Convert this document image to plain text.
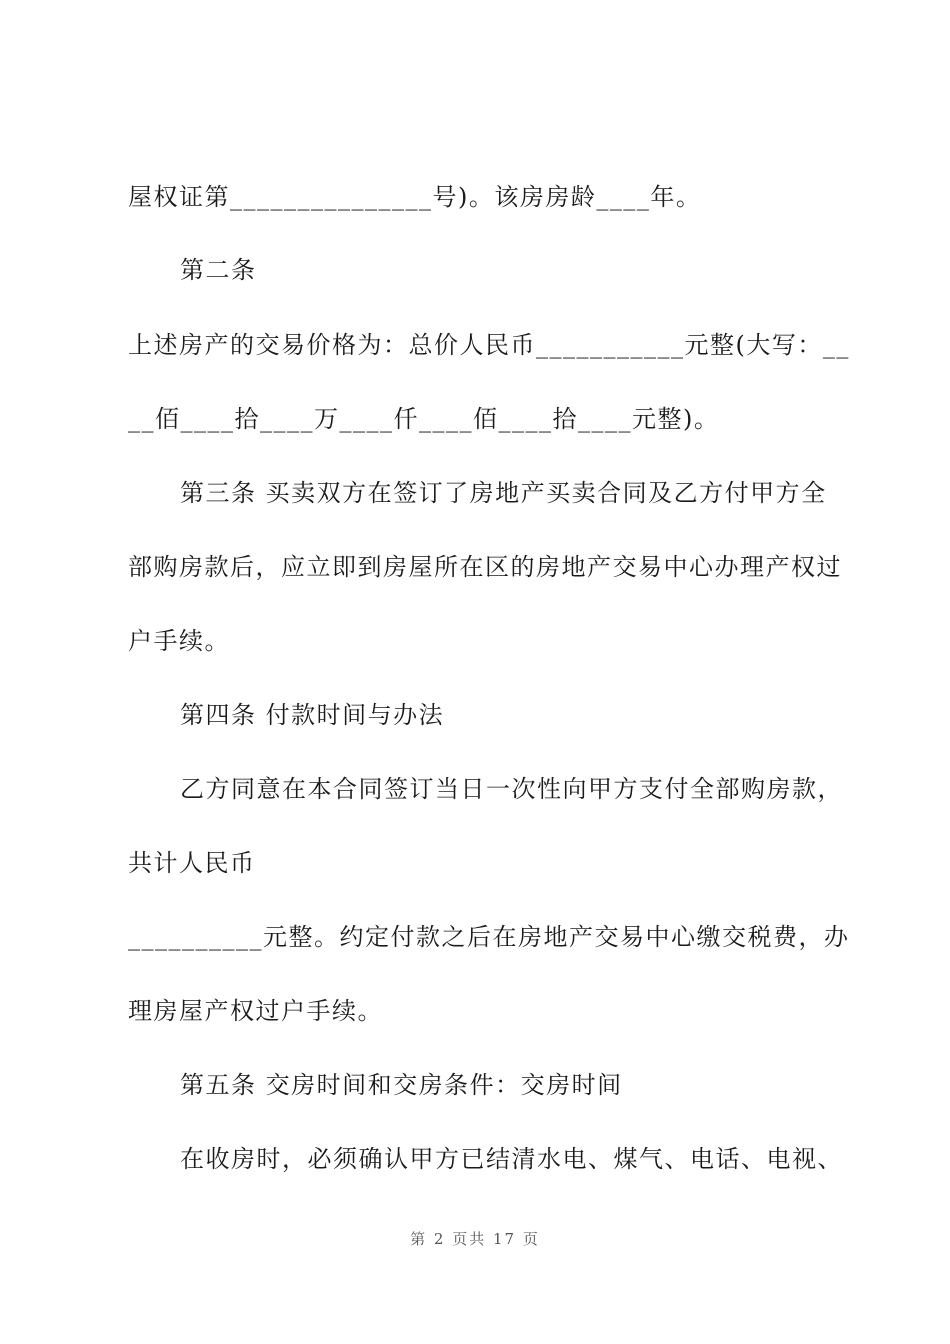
屋权证第_______________号)。该房房龄____年。
第二条
上述房产的交易价格为：总价人民币___________元整(大写：__
__佰____拾____万____仟____佰____拾____元整)。
第三条 买卖双方在签订了房地产买卖合同及乙方付甲方全
部购房款后，应立即到房屋所在区的房地产交易中心办理产权过
户手续。
第四条 付款时间与办法
乙方同意在本合同签订当日一次性向甲方支付全部购房款，
共计人民币
__________元整。约定付款之后在房地产交易中心缴交税费，办
理房屋产权过户手续。
第五条 交房时间和交房条件：交房时间
在收房时，必须确认甲方已结清水电、煤气、电话、电视、
第 2 页共 17 页
